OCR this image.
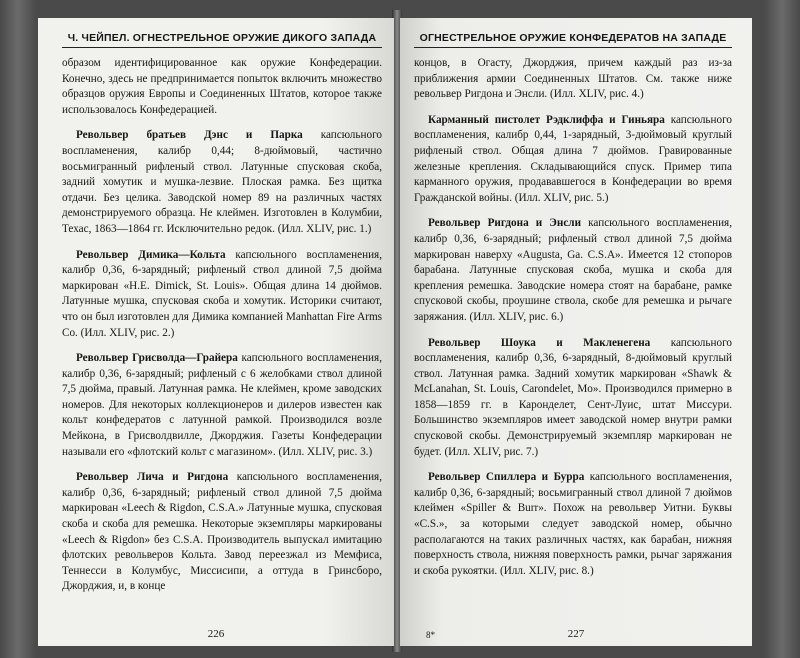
Ч. ЧЕЙПЕЛ. ОГНЕСТРЕЛЬНОЕ ОРУЖИЕ ДИКОГО ЗАПАДА

образом идентифицированное как оружие Конфедерации. Конечно, здесь не предпринимается попыток включить множество образцов оружия Европы и Соединенных Штатов, которое также использовалось Конфедерацией.

Револьвер братьев Дэнс и Парка капсюльного воспламенения, калибр 0,44; 8-дюймовый, частично восьмигранный рифленый ствол. Латунные спусковая скоба, задний хомутик и мушка-лезвие. Плоская рамка. Без щитка отдачи. Без целика. Заводской номер 89 на различных частях демонстрируемого образца. Не клеймен. Изготовлен в Колумбии, Техас, 1863—1864 гг. Исключительно редок. (Илл. XLIV, рис. 1.)

Револьвер Димика—Кольта капсюльного воспламенения, калибр 0,36, 6-зарядный; рифленый ствол длиной 7,5 дюйма маркирован «H.E. Dimick, St. Louis». Общая длина 14 дюймов. Латунные мушка, спусковая скоба и хомутик. Историки считают, что он был изготовлен для Димика компанией Manhattan Fire Arms Co. (Илл. XLIV, рис. 2.)

Револьвер Грисволда—Грайера капсюльного воспламенения, калибр 0,36, 6-зарядный; рифленый с 6 желобками ствол длиной 7,5 дюйма, правый. Латунная рамка. Не клеймен, кроме заводских номеров. Для некоторых коллекционеров и дилеров известен как кольт конфедератов с латунной рамкой. Производился возле Мейкона, в Грисволдвилле, Джорджия. Газеты Конфедерации называли его «флотский кольт с магазином». (Илл. XLIV, рис. 3.)

Револьвер Лича и Ригдона капсюльного воспламенения, калибр 0,36, 6-зарядный; рифленый ствол длиной 7,5 дюйма маркирован «Leech & Rigdon, C.S.A.» Латунные мушка, спусковая скоба и скоба для ремешка. Некоторые экземпляры маркированы «Leech & Rigdon» без C.S.A. Производитель выпускал имитацию флотских револьверов Кольта. Завод переезжал из Мемфиса, Теннесси в Колумбус, Миссисипи, а оттуда в Гринсборо, Джорджия, и, в конце

226
ОГНЕСТРЕЛЬНОЕ ОРУЖИЕ КОНФЕДЕРАТОВ НА ЗАПАДЕ

концов, в Огасту, Джорджия, причем каждый раз из-за приближения армии Соединенных Штатов. См. также ниже револьвер Ригдона и Энсли. (Илл. XLIV, рис. 4.)

Карманный пистолет Рэдклиффа и Гиньяра капсюльного воспламенения, калибр 0,44, 1-зарядный, 3-дюймовый круглый рифленый ствол. Общая длина 7 дюймов. Гравированные железные крепления. Складывающийся спуск. Пример типа карманного оружия, продававшегося в Конфедерации во время Гражданской войны. (Илл. XLIV, рис. 5.)

Револьвер Ригдона и Энсли капсюльного воспламенения, калибр 0,36, 6-зарядный; рифленый ствол длиной 7,5 дюйма маркирован наверху «Augusta, Ga. C.S.A». Имеется 12 стопоров барабана. Латунные спусковая скоба, мушка и скоба для крепления ремешка. Заводские номера стоят на барабане, рамке спусковой скобы, проушине ствола, скобе для ремешка и рычаге заряжания. (Илл. XLIV, рис. 6.)

Револьвер Шоука и Макленегена капсюльного воспламенения, калибр 0,36, 6-зарядный, 8-дюймовый круглый ствол. Латунная рамка. Задний хомутик маркирован «Shawk & McLanahan, St. Louis, Carondelet, Mo». Производился примерно в 1858—1859 гг. в Каронделет, Сент-Луис, штат Миссури. Большинство экземпляров имеет заводской номер внутри рамки спусковой скобы. Демонстрируемый экземпляр маркирован не будет. (Илл. XLIV, рис. 7.)

Револьвер Спиллера и Бурра капсюльного воспламенения, калибр 0,36, 6-зарядный; восьмигранный ствол длиной 7 дюймов клеймен «Spiller & Burr». Похож на револьвер Уитни. Буквы «C.S.», за которыми следует заводской номер, обычно располагаются на таких различных частях, как барабан, нижняя поверхность ствола, нижняя поверхность рамки, рычаг заряжания и скоба рукоятки. (Илл. XLIV, рис. 8.)

8*	227
